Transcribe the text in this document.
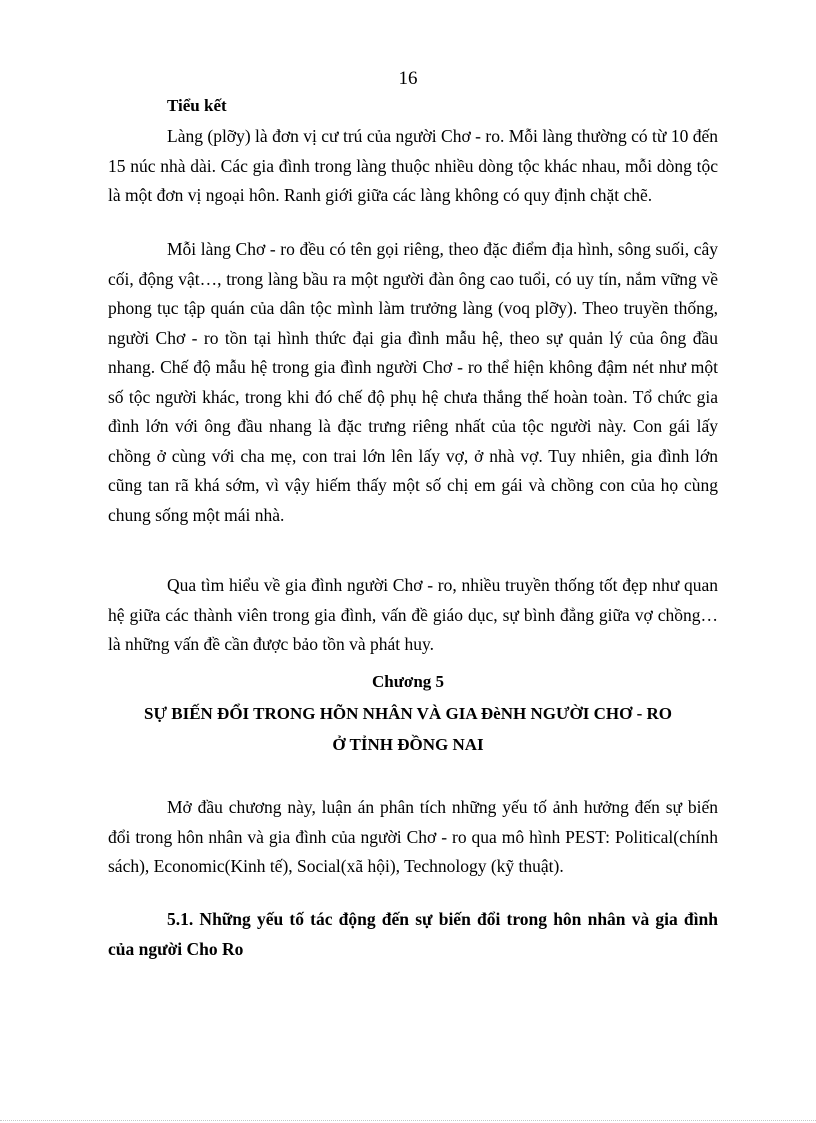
16
Tiểu kết

Làng (plỡy) là đơn vị cư trú của người Chơ - ro. Mỗi làng thường có từ 10 đến 15 núc nhà dài. Các gia đình trong làng thuộc nhiều dòng tộc khác nhau, mỗi dòng tộc là một đơn vị ngoại hôn. Ranh giới giữa các làng không có quy định chặt chẽ.

Mỗi làng Chơ - ro đều có tên gọi riêng, theo đặc điểm địa hình, sông suối, cây cối, động vật…, trong làng bầu ra một người đàn ông cao tuổi, có uy tín, nắm vững về phong tục tập quán của dân tộc mình làm trưởng làng (voq plỡy). Theo truyền thống, người Chơ - ro tồn tại hình thức đại gia đình mẫu hệ, theo sự quản lý của ông đầu nhang. Chế độ mẫu hệ trong gia đình người Chơ - ro thể hiện không đậm nét như một số tộc người khác, trong khi đó chế độ phụ hệ chưa thắng thế hoàn toàn. Tổ chức gia đình lớn với ông đầu nhang là đặc trưng riêng nhất của tộc người này. Con gái lấy chồng ở cùng với cha mẹ, con trai lớn lên lấy vợ, ở nhà vợ. Tuy nhiên, gia đình lớn cũng tan rã khá sớm, vì vậy hiếm thấy một số chị em gái và chồng con của họ cùng chung sống một mái nhà.

Qua tìm hiểu về gia đình người Chơ - ro, nhiều truyền thống tốt đẹp như quan hệ giữa các thành viên trong gia đình, vấn đề giáo dục, sự bình đẳng giữa vợ chồng… là những vấn đề cần được bảo tồn và phát huy.

Chương 5
SỰ BIẾN ĐỔI TRONG HÕN NHÂN VÀ GIA ĐèNH NGƯỜI CHƠ - RO
Ở TỈNH ĐỒNG NAI

Mở đầu chương này, luận án phân tích những yếu tố ảnh hưởng đến sự biến đổi trong hôn nhân và gia đình của người Chơ - ro qua mô hình PEST: Political(chính sách), Economic(Kinh tế), Social(xã hội), Technology (kỹ thuật).

5.1. Những yếu tố tác động đến sự biến đổi trong hôn nhân và gia đình của người Cho Ro
